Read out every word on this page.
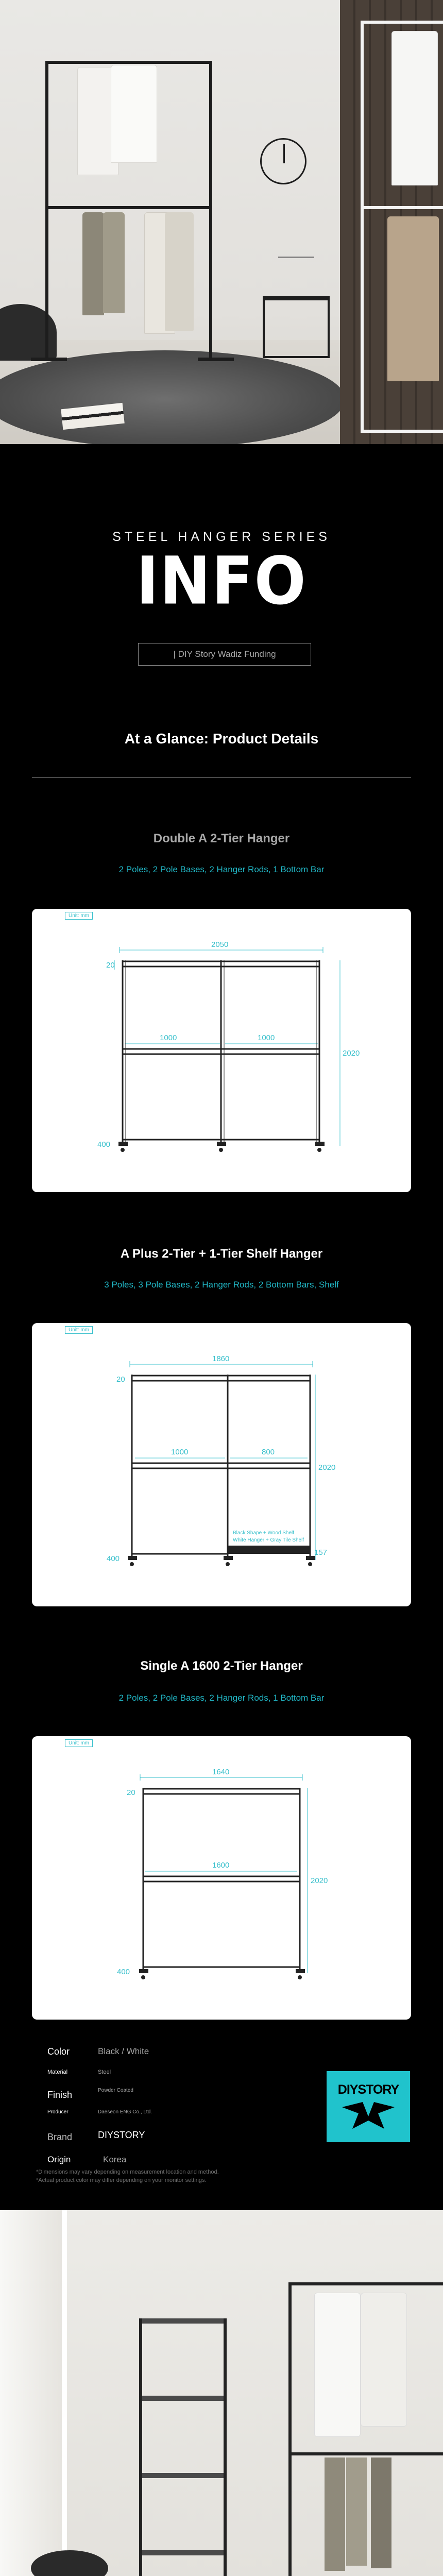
STEEL HANGER SERIES
INFO
| DIY Story Wadiz Funding
At a Glance: Product Details
Double A 2-Tier Hanger
2 Poles, 2 Pole Bases, 2 Hanger Rods, 1 Bottom Bar
Unit: mm
2050
1000	1000
2020
20
400
A Plus 2-Tier + 1-Tier Shelf Hanger
3 Poles, 3 Pole Bases, 2 Hanger Rods, 2 Bottom Bars, Shelf
Unit: mm
1860
1000	800
2020
20
400
157
Black Shape + Wood Shelf
White Hanger + Gray Tile Shelf
Single A 1600 2-Tier Hanger
2 Poles, 2 Pole Bases, 2 Hanger Rods, 1 Bottom Bar
Unit: mm
1640
1600
2020
20
400
Color	Black / White
Material	Steel
Finish	Powder Coated
Producer	Daeseon ENG Co., Ltd.
Brand	DIYSTORY
Origin	Korea
DIYSTORY
*Dimensions may vary depending on measurement location and method.
*Actual product color may differ depending on your monitor settings.
